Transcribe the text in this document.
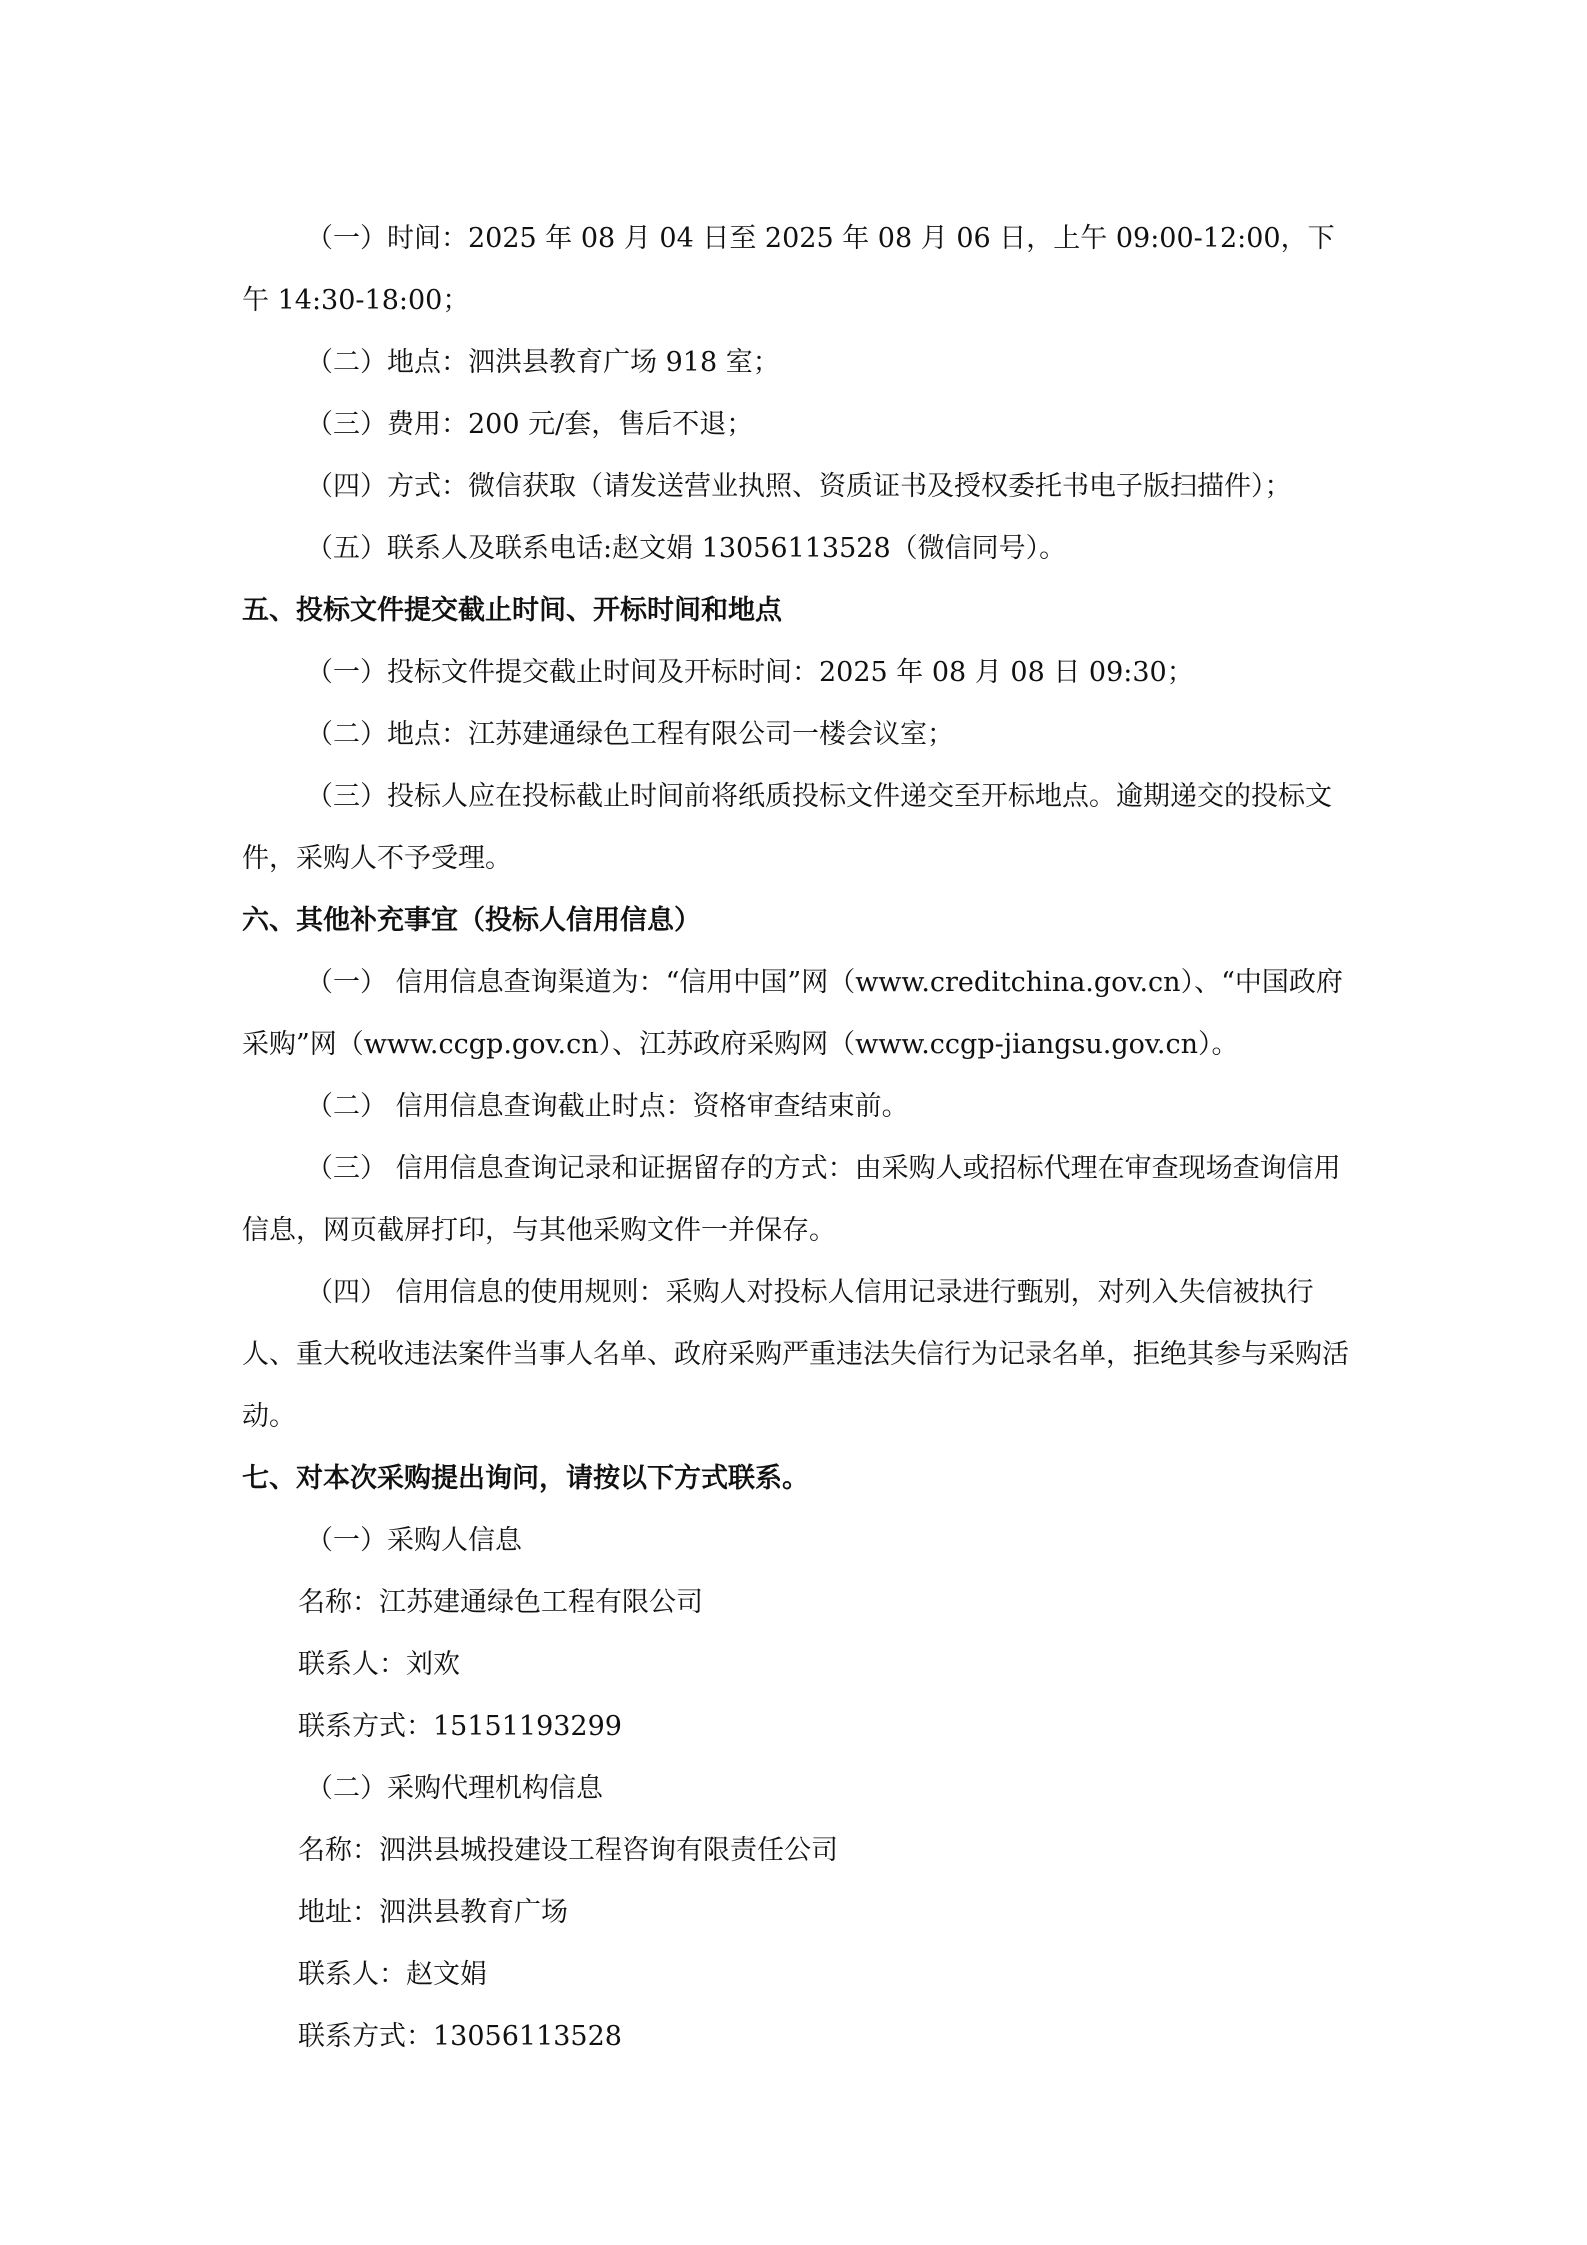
（一）时间：2025 年 08 月 04 日至 2025 年 08 月 06 日，上午 09:00-12:00，下午 14:30-18:00；

（二）地点：泗洪县教育广场 918 室；

（三）费用：200 元/套，售后不退；

（四）方式：微信获取（请发送营业执照、资质证书及授权委托书电子版扫描件）；

（五）联系人及联系电话:赵文娟 13056113528（微信同号）。

五、投标文件提交截止时间、开标时间和地点

（一）投标文件提交截止时间及开标时间：2025 年 08 月 08 日 09:30；

（二）地点：江苏建通绿色工程有限公司一楼会议室；

（三）投标人应在投标截止时间前将纸质投标文件递交至开标地点。逾期递交的投标文件，采购人不予受理。

六、其他补充事宜（投标人信用信息）

（一） 信用信息查询渠道为：“信用中国”网（www.creditchina.gov.cn）、“中国政府采购”网（www.ccgp.gov.cn）、江苏政府采购网（www.ccgp-jiangsu.gov.cn）。

（二） 信用信息查询截止时点：资格审查结束前。

（三） 信用信息查询记录和证据留存的方式：由采购人或招标代理在审查现场查询信用信息，网页截屏打印，与其他采购文件一并保存。

（四） 信用信息的使用规则：采购人对投标人信用记录进行甄别，对列入失信被执行人、重大税收违法案件当事人名单、政府采购严重违法失信行为记录名单，拒绝其参与采购活动。

七、对本次采购提出询问，请按以下方式联系。

（一）采购人信息

名称：江苏建通绿色工程有限公司

联系人：刘欢

联系方式：15151193299

（二）采购代理机构信息

名称：泗洪县城投建设工程咨询有限责任公司

地址：泗洪县教育广场

联系人：赵文娟

联系方式：13056113528
